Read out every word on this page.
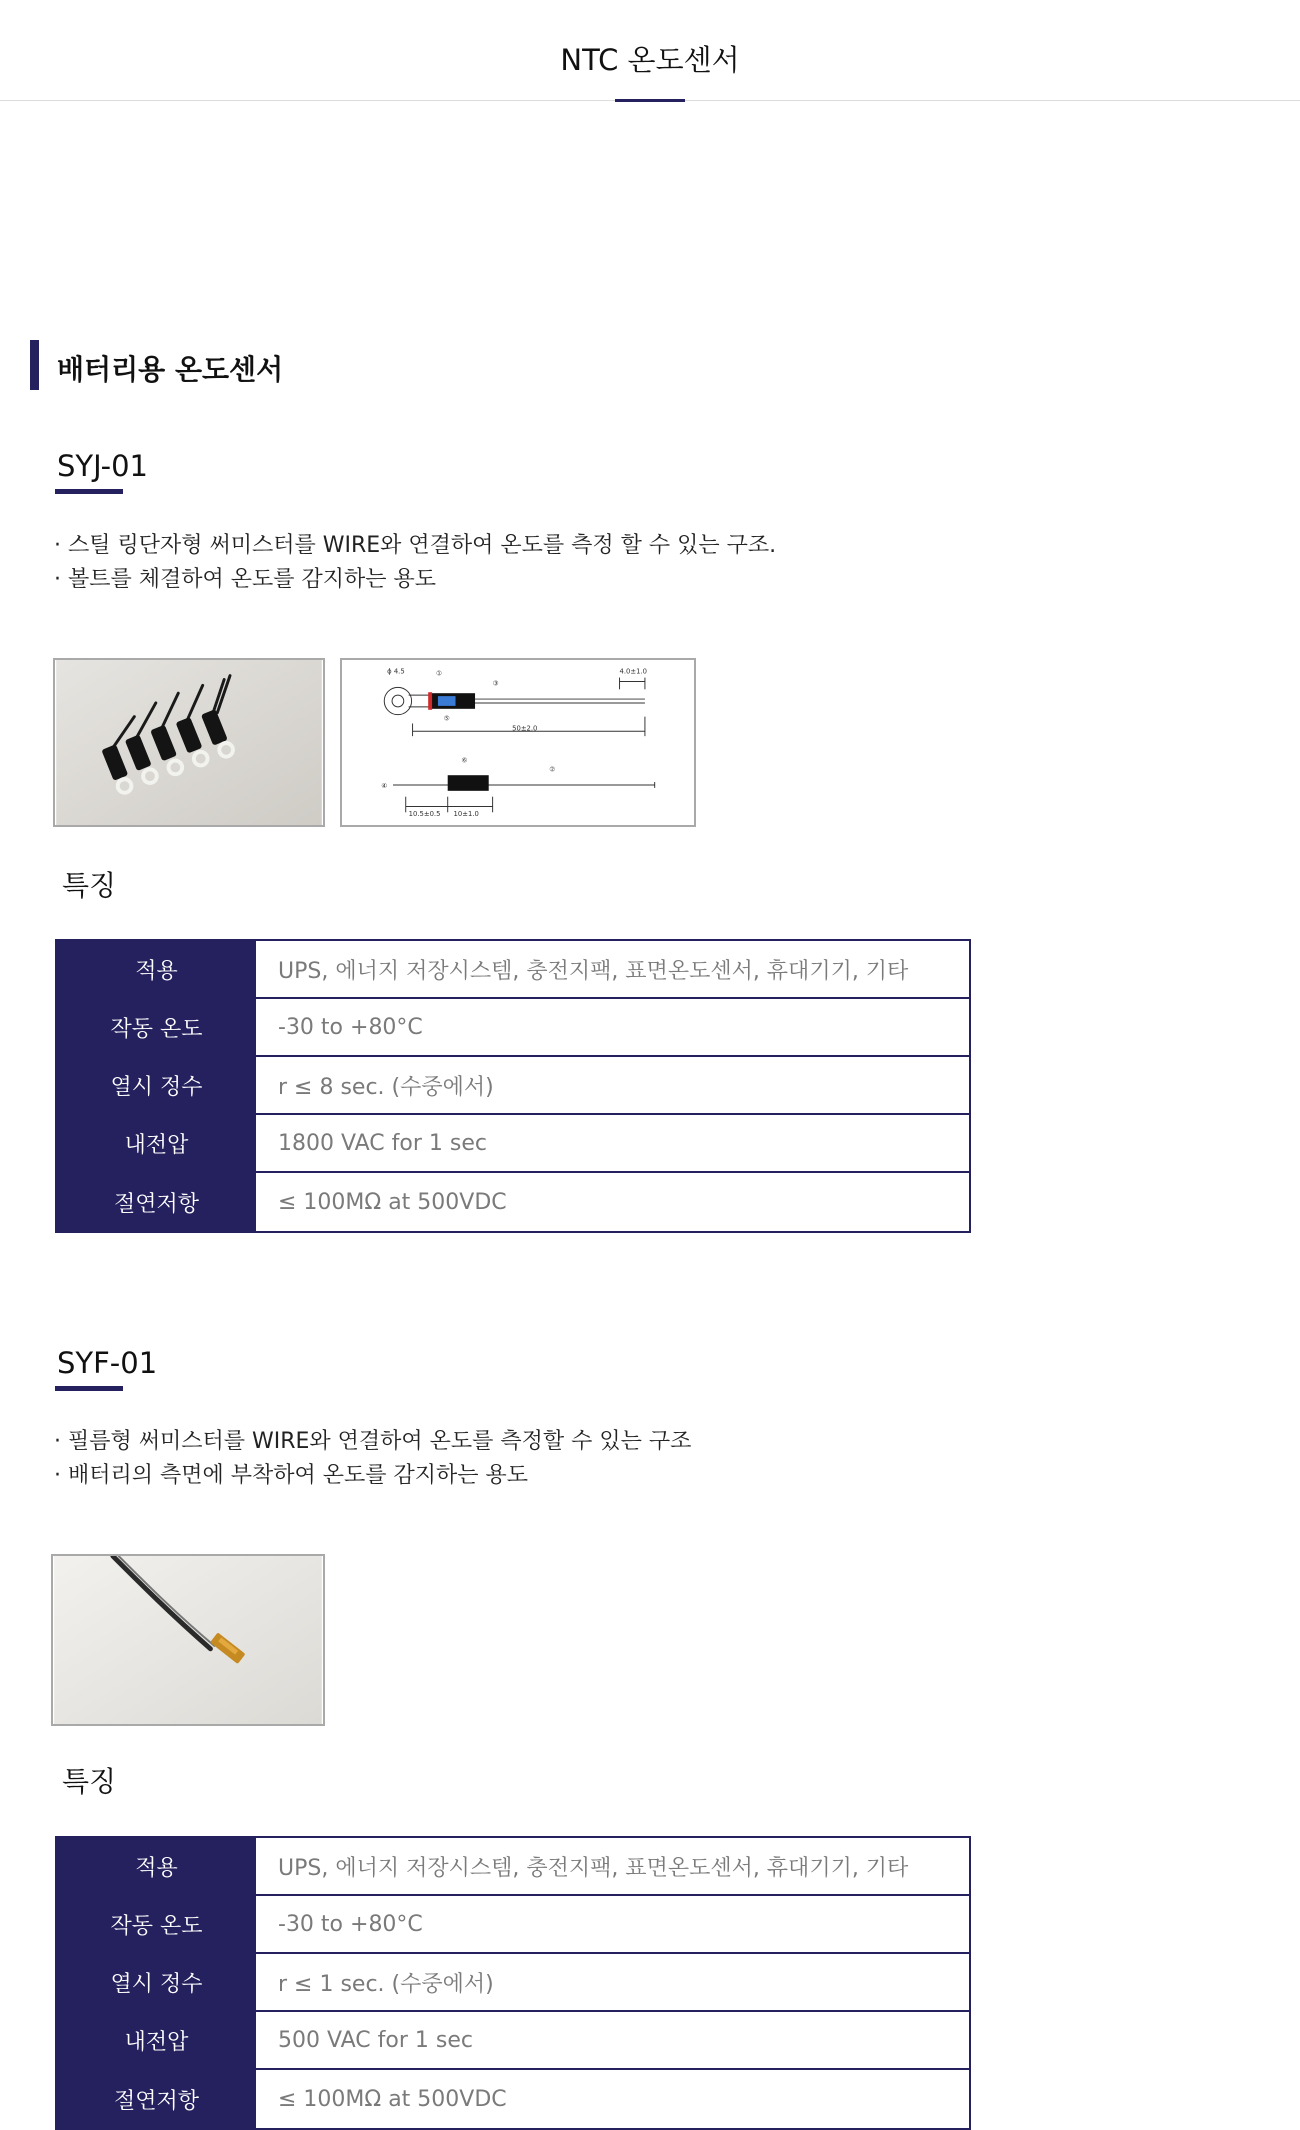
NTC 온도센서
배터리용 온도센서
SYJ-01
· 스틸 링단자형 써미스터를 WIRE와 연결하여 온도를 측정 할 수 있는 구조.
· 볼트를 체결하여 온도를 감지하는 용도
ϕ 4.5	①
②
③
④
⑤
⑥
4.0±1.0
50±2.0
10.5±0.5 10±1.0
특징
적용	UPS, 에너지 저장시스템, 충전지팩, 표면온도센서, 휴대기기, 기타
작동 온도	-30 to +80°C
열시 정수	r ≤ 8 sec. (수중에서)
내전압	1800 VAC for 1 sec
절연저항	≤ 100MΩ at 500VDC
SYF-01
· 필름형 써미스터를 WIRE와 연결하여 온도를 측정할 수 있는 구조
· 배터리의 측면에 부착하여 온도를 감지하는 용도
특징
적용	UPS, 에너지 저장시스템, 충전지팩, 표면온도센서, 휴대기기, 기타
작동 온도	-30 to +80°C
열시 정수	r ≤ 1 sec. (수중에서)
내전압	500 VAC for 1 sec
절연저항	≤ 100MΩ at 500VDC
